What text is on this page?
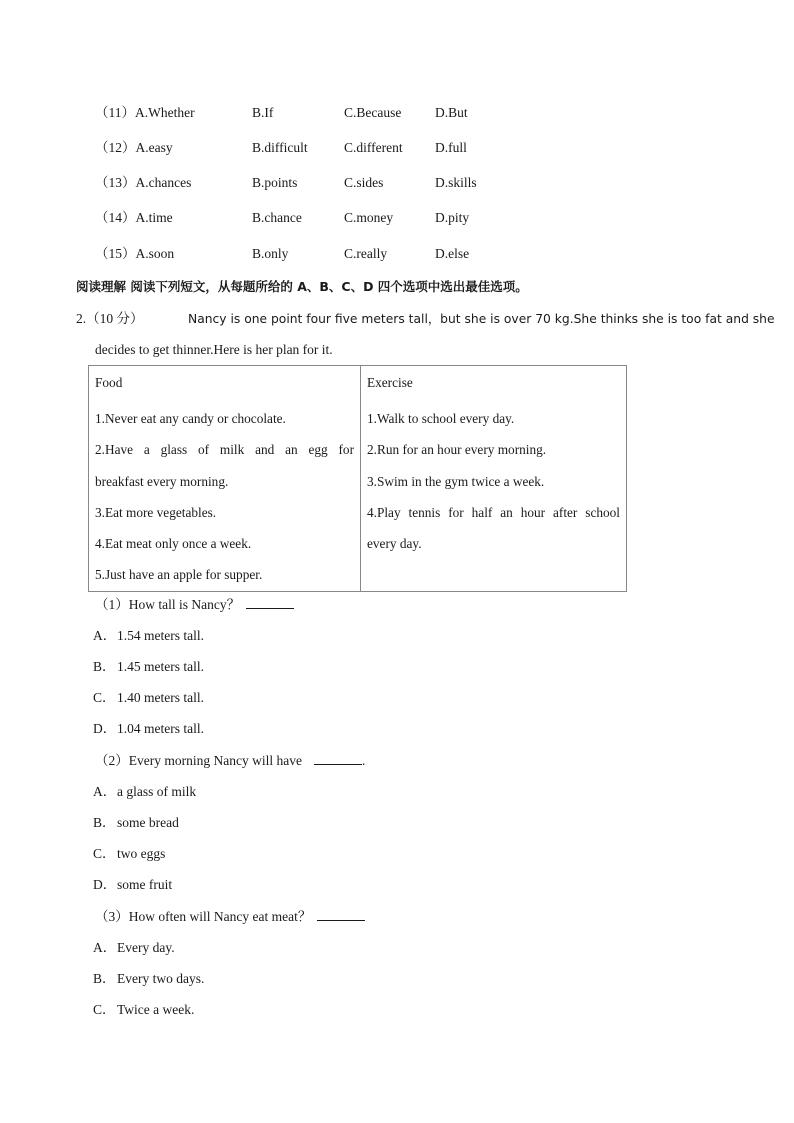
（11）A.Whether	B.If	C.Because D.But
（12）A.easy	B.difficult	C.different D.full
（13）A.chances	B.points	C.sides	D.skills
（14）A.time	B.chance	C.money	D.pity
（15）A.soon	B.only	C.really	D.else
阅读理解 阅读下列短文，从每题所给的 A、B、C、D 四个选项中选出最佳选项。
2.（10 分）	Nancy is one point four five meters tall，but she is over 70 kg.She thinks she is too fat and she
decides to get thinner.Here is her plan for it.
Food
1.Never eat any candy or chocolate.
2.Have a glass of milk and an egg for
breakfast every morning.
3.Eat more vegetables.
4.Eat meat only once a week.
5.Just have an apple for supper.

Exercise
1.Walk to school every day.
2.Run for an hour every morning.
3.Swim in the gym twice a week.
4.Play tennis for half an hour after school
every day.
（1）How tall is Nancy？
A．1.54 meters tall.
B．1.45 meters tall.
C．1.40 meters tall.
D．1.04 meters tall.
（2）Every morning Nancy will have	.
A．a glass of milk
B．some bread
C．two eggs
D．some fruit
（3）How often will Nancy eat meat？
A．Every day.
B．Every two days.
C．Twice a week.
